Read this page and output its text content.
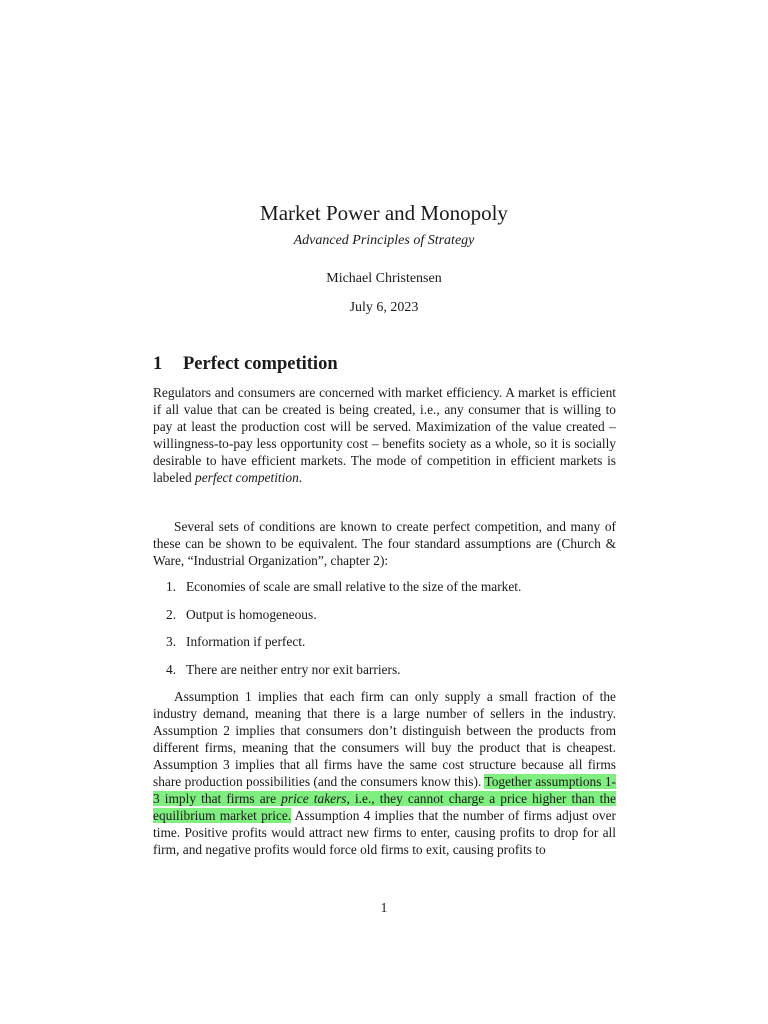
Market Power and Monopoly
Advanced Principles of Strategy
Michael Christensen
July 6, 2023
1 Perfect competition
Regulators and consumers are concerned with market efficiency. A market is efficient if all value that can be created is being created, i.e., any consumer that is willing to pay at least the production cost will be served. Maximization of the value created – willingness-to-pay less opportunity cost – benefits society as a whole, so it is socially desirable to have efficient markets. The mode of competition in efficient markets is labeled perfect competition.
Several sets of conditions are known to create perfect competition, and many of these can be shown to be equivalent. The four standard assumptions are (Church & Ware, “Industrial Organization”, chapter 2):
1. Economies of scale are small relative to the size of the market.
2. Output is homogeneous.
3. Information if perfect.
4. There are neither entry nor exit barriers.
Assumption 1 implies that each firm can only supply a small fraction of the industry demand, meaning that there is a large number of sellers in the industry. Assumption 2 implies that consumers don’t distinguish between the products from different firms, meaning that the consumers will buy the product that is cheapest. Assumption 3 implies that all firms have the same cost structure because all firms share production possibilities (and the consumers know this). Together assumptions 1-3 imply that firms are price takers, i.e., they cannot charge a price higher than the equilibrium market price. Assumption 4 implies that the number of firms adjust over time. Positive profits would attract new firms to enter, causing profits to drop for all firm, and negative profits would force old firms to exit, causing profits to
1
